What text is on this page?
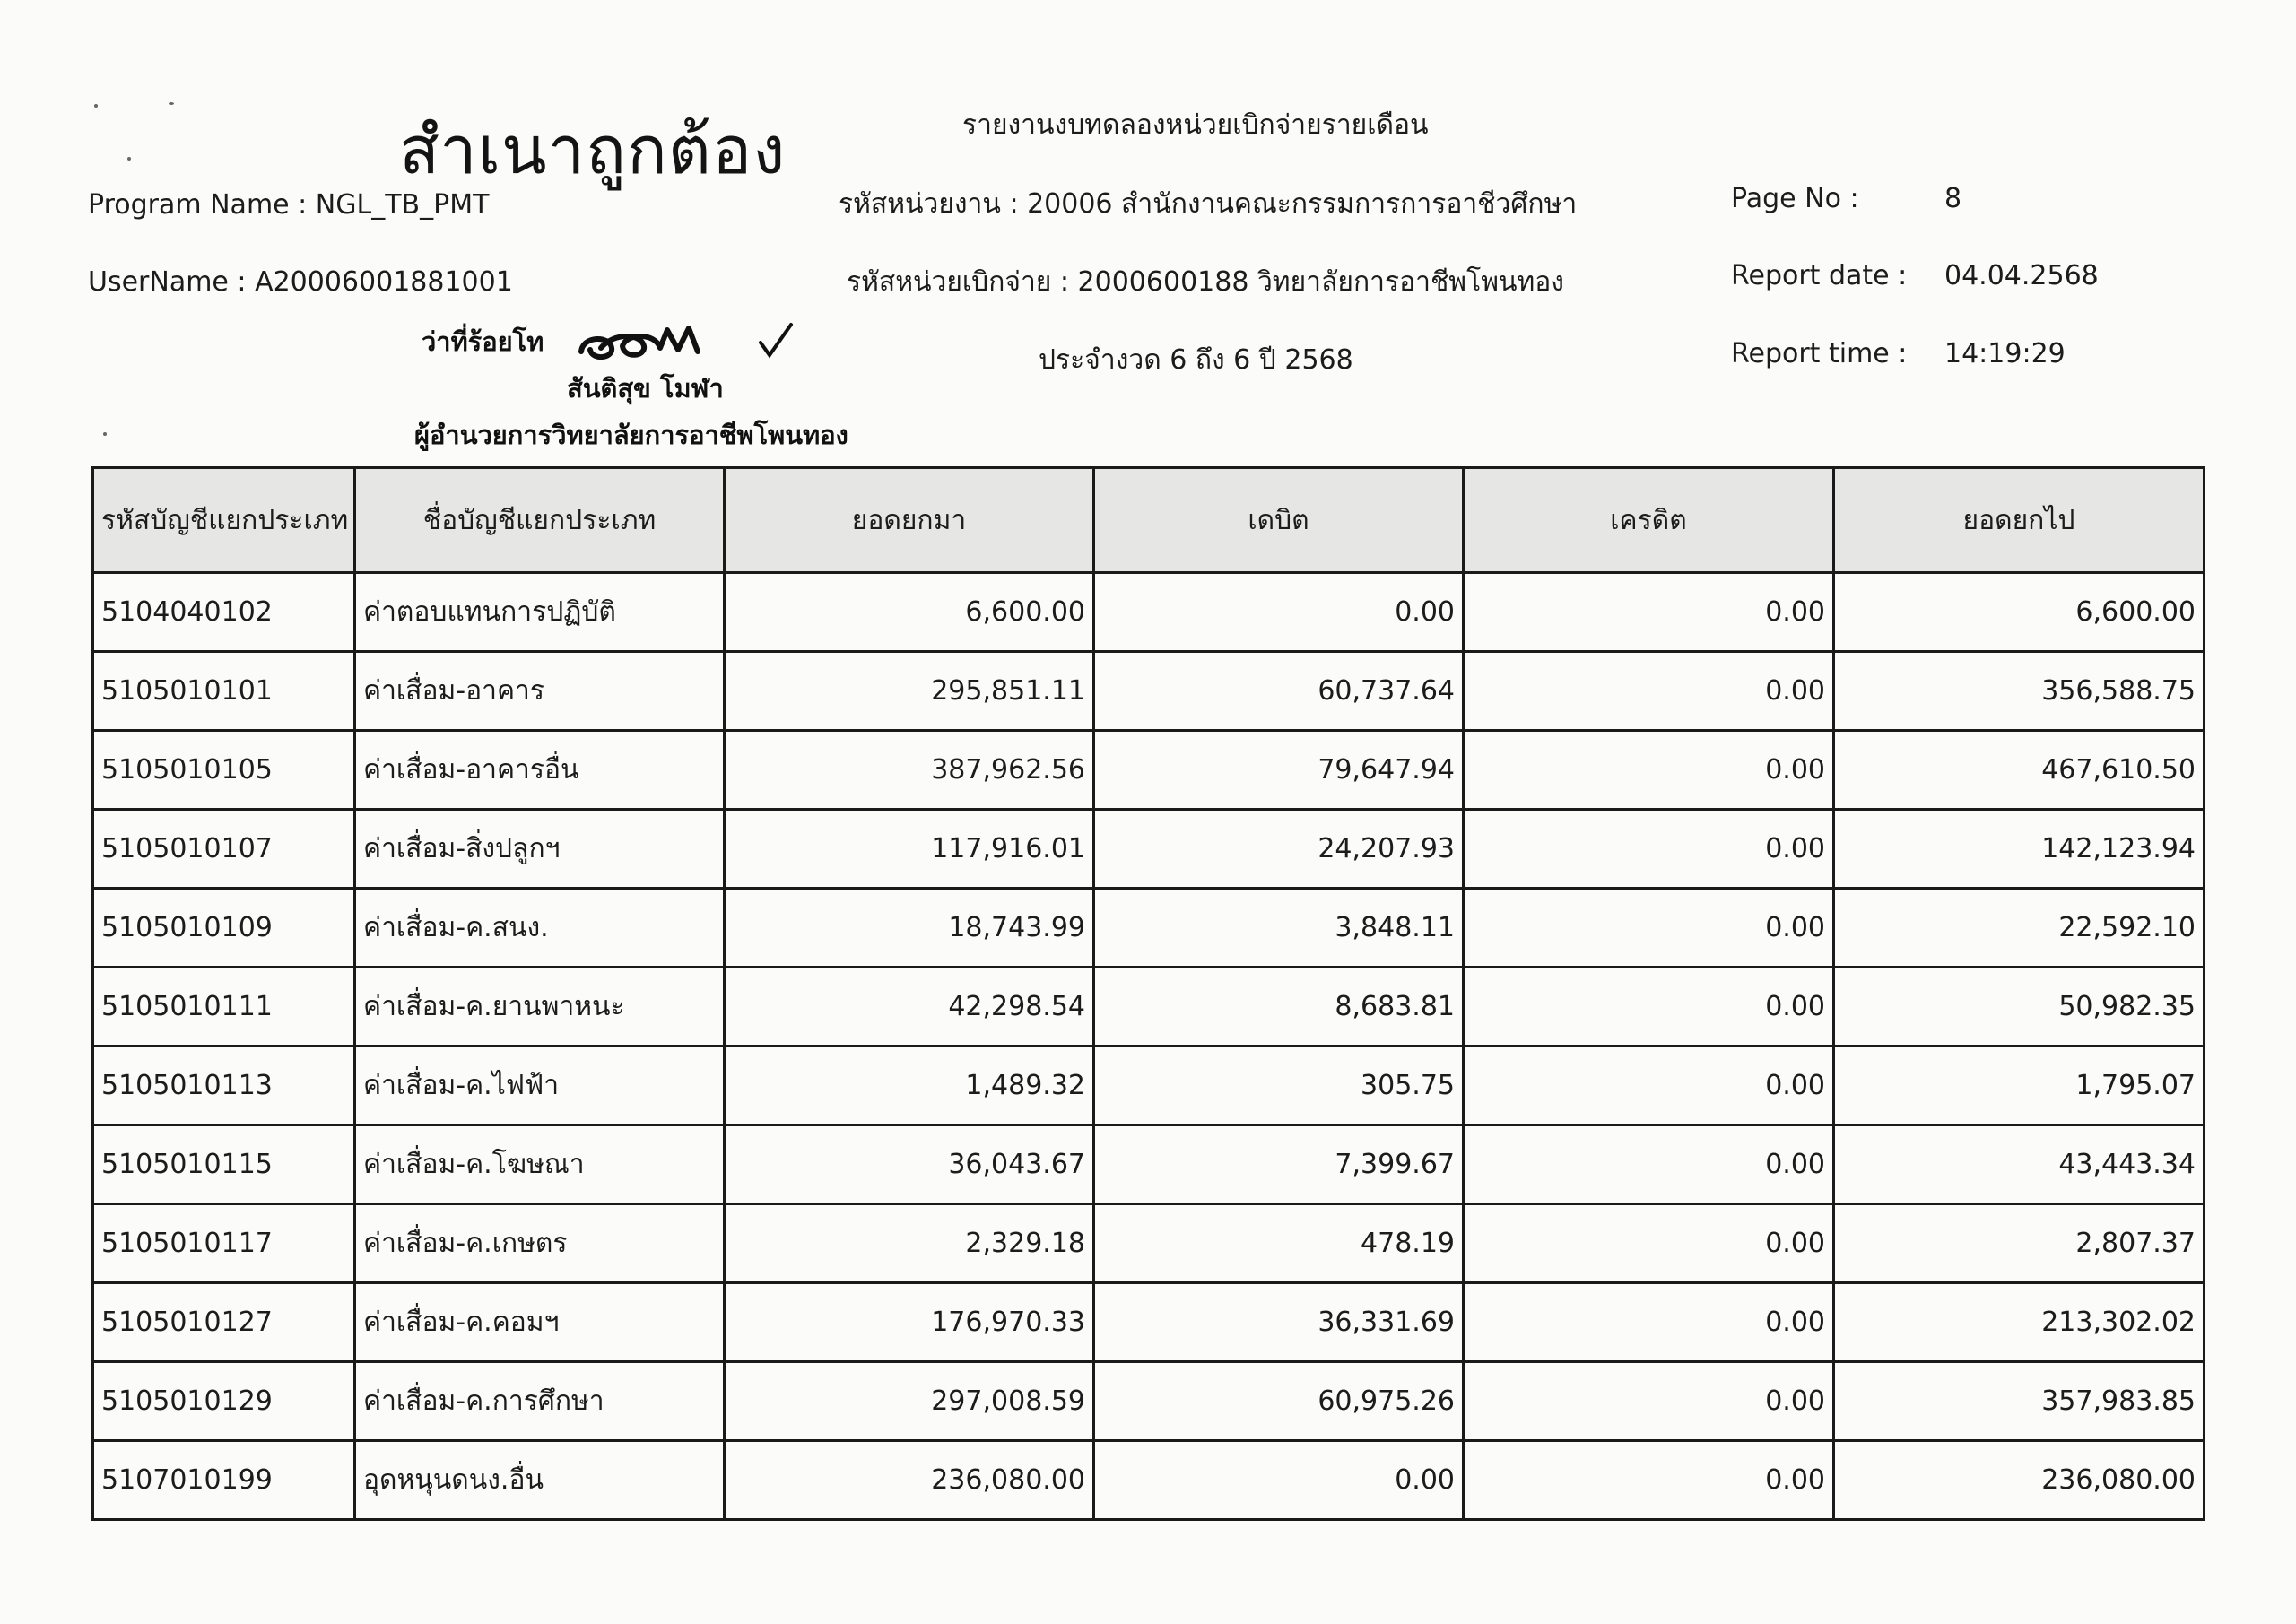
สำเนาถูกต้อง	รายงานงบทดลองหน่วยเบิกจ่ายรายเดือน
Program Name : NGL_TB_PMT	รหัสหน่วยงาน : 20006 สำนักงานคณะกรรมการการอาชีวศึกษา
UserName : A20006001881001	รหัสหน่วยเบิกจ่าย : 2000600188 วิทยาลัยการอาชีพโพนทอง
ประจำงวด 6 ถึง 6 ปี 2568
Page No :	8
Report date : 04.04.2568
Report time : 14:19:29
ว่าที่ร้อยโท
สันติสุข โมฬา
ผู้อำนวยการวิทยาลัยการอาชีพโพนทอง
รหัสบัญชีแยกประเภท	ชื่อบัญชีแยกประเภท	ยอดยกมา	เดบิต	เครดิต	ยอดยกไป
5104040102	ค่าตอบแทนการปฏิบัติ	6,600.00	0.00	0.00	6,600.00
5105010101	ค่าเสื่อม-อาคาร	295,851.11	60,737.64	0.00	356,588.75
5105010105	ค่าเสื่อม-อาคารอื่น	387,962.56	79,647.94	0.00	467,610.50
5105010107	ค่าเสื่อม-สิ่งปลูกฯ	117,916.01	24,207.93	0.00	142,123.94
5105010109	ค่าเสื่อม-ค.สนง.	18,743.99	3,848.11	0.00	22,592.10
5105010111	ค่าเสื่อม-ค.ยานพาหนะ	42,298.54	8,683.81	0.00	50,982.35
5105010113	ค่าเสื่อม-ค.ไฟฟ้า	1,489.32	305.75	0.00	1,795.07
5105010115	ค่าเสื่อม-ค.โฆษณา	36,043.67	7,399.67	0.00	43,443.34
5105010117	ค่าเสื่อม-ค.เกษตร	2,329.18	478.19	0.00	2,807.37
5105010127	ค่าเสื่อม-ค.คอมฯ	176,970.33	36,331.69	0.00	213,302.02
5105010129	ค่าเสื่อม-ค.การศึกษา	297,008.59	60,975.26	0.00	357,983.85
5107010199	อุดหนุนดนง.อื่น	236,080.00	0.00	0.00	236,080.00
